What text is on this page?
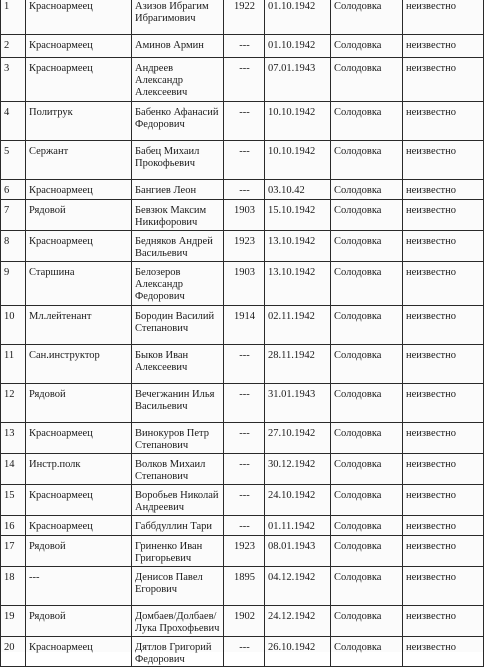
1	Красноармеец	Азизов Ибрагим
Ибрагимович	1922	01.10.1942	Солодовка	неизвестно
2	Красноармеец	Аминов Армин	---	01.10.1942	Солодовка	неизвестно
3	Красноармеец	Андреев
Александр
Алексеевич	---	07.01.1943	Солодовка	неизвестно
4	Политрук	Бабенко Афанасий
Федорович	---	10.10.1942	Солодовка	неизвестно
5	Сержант	Бабец Михаил
Прокофьевич	---	10.10.1942	Солодовка	неизвестно
6	Красноармеец	Бангиев Леон	---	03.10.42	Солодовка	неизвестно
7	Рядовой	Бевзюк Максим
Никифорович	1903	15.10.1942	Солодовка	неизвестно
8	Красноармеец	Бедняков Андрей
Васильевич	1923	13.10.1942	Солодовка	неизвестно
9	Старшина	Белозеров
Александр
Федорович	1903	13.10.1942	Солодовка	неизвестно
10	Мл.лейтенант	Бородин Василий
Степанович	1914	02.11.1942	Солодовка	неизвестно
11	Сан.инструктор	Быков Иван
Алексеевич	---	28.11.1942	Солодовка	неизвестно
12	Рядовой	Вечегжанин Илья
Васильевич	---	31.01.1943	Солодовка	неизвестно
13	Красноармеец	Винокуров Петр
Степанович	---	27.10.1942	Солодовка	неизвестно
14	Инстр.полк	Волков Михаил
Степанович	---	30.12.1942	Солодовка	неизвестно
15	Красноармеец	Воробьев Николай
Андреевич	---	24.10.1942	Солодовка	неизвестно
16	Красноармеец	Габбдуллин Тари	---	01.11.1942	Солодовка	неизвестно
17	Рядовой	Гриненко Иван
Григорьевич	1923	08.01.1943	Солодовка	неизвестно
18	---	Денисов Павел
Егорович	1895	04.12.1942	Солодовка	неизвестно
19	Рядовой	Домбаев/Долбаев/
Лука Прохофьевич	1902	24.12.1942	Солодовка	неизвестно
20	Красноармеец	Дятлов Григорий
Федорович	---	26.10.1942	Солодовка	неизвестно
